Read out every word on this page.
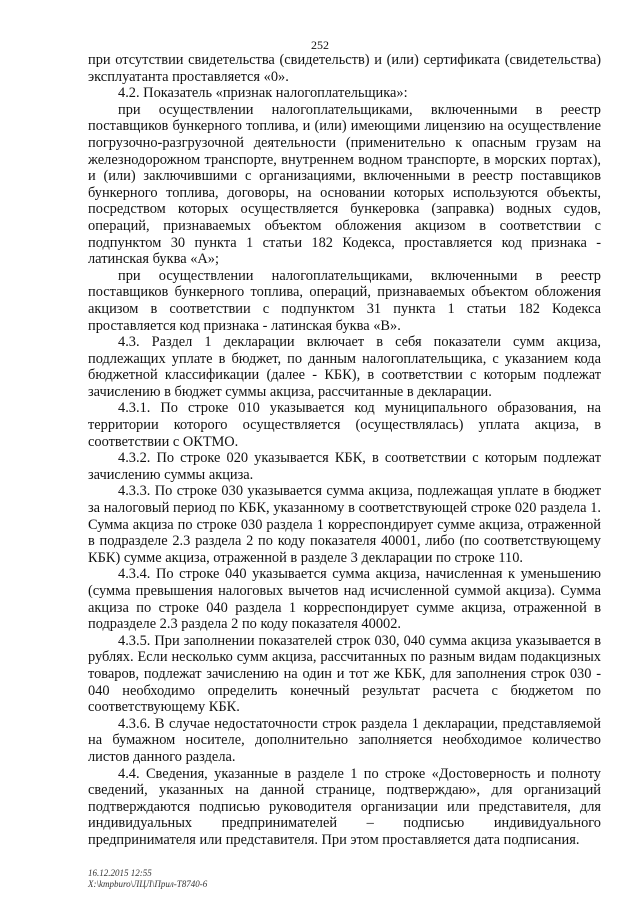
252

при отсутствии свидетельства (свидетельств) и (или) сертификата (свидетельства) эксплуатанта проставляется «0».

4.2. Показатель «признак налогоплательщика»:

при осуществлении налогоплательщиками, включенными в реестр поставщиков бункерного топлива, и (или) имеющими лицензию на осуществление погрузочно-разгрузочной деятельности (применительно к опасным грузам на железнодорожном транспорте, внутреннем водном транспорте, в морских портах), и (или) заключившими с организациями, включенными в реестр поставщиков бункерного топлива, договоры, на основании которых используются объекты, посредством которых осуществляется бункеровка (заправка) водных судов, операций, признаваемых объектом обложения акцизом в соответствии с подпунктом 30 пункта 1 статьи 182 Кодекса, проставляется код признака - латинская буква «А»;

при осуществлении налогоплательщиками, включенными в реестр поставщиков бункерного топлива, операций, признаваемых объектом обложения акцизом в соответствии с подпунктом 31 пункта 1 статьи 182 Кодекса проставляется код признака - латинская буква «В».

4.3. Раздел 1 декларации включает в себя показатели сумм акциза, подлежащих уплате в бюджет, по данным налогоплательщика, с указанием кода бюджетной классификации (далее - КБК), в соответствии с которым подлежат зачислению в бюджет суммы акциза, рассчитанные в декларации.

4.3.1. По строке 010 указывается код муниципального образования, на территории которого осуществляется (осуществлялась) уплата акциза, в соответствии с ОКТМО.

4.3.2. По строке 020 указывается КБК, в соответствии с которым подлежат зачислению суммы акциза.

4.3.3. По строке 030 указывается сумма акциза, подлежащая уплате в бюджет за налоговый период по КБК, указанному в соответствующей строке 020 раздела 1. Сумма акциза по строке 030 раздела 1 корреспондирует сумме акциза, отраженной в подразделе 2.3 раздела 2 по коду показателя 40001, либо (по соответствующему КБК) сумме акциза, отраженной в разделе 3 декларации по строке 110.

4.3.4. По строке 040 указывается сумма акциза, начисленная к уменьшению (сумма превышения налоговых вычетов над исчисленной суммой акциза). Сумма акциза по строке 040 раздела 1 корреспондирует сумме акциза, отраженной в подразделе 2.3 раздела 2 по коду показателя 40002.

4.3.5. При заполнении показателей строк 030, 040 сумма акциза указывается в рублях. Если несколько сумм акциза, рассчитанных по разным видам подакцизных товаров, подлежат зачислению на один и тот же КБК, для заполнения строк 030 - 040 необходимо определить конечный результат расчета с бюджетом по соответствующему КБК.

4.3.6. В случае недостаточности строк раздела 1 декларации, представляемой на бумажном носителе, дополнительно заполняется необходимое количество листов данного раздела.

4.4. Сведения, указанные в разделе 1 по строке «Достоверность и полноту сведений, указанных на данной странице, подтверждаю», для организаций подтверждаются подписью руководителя организации или представителя, для индивидуальных предпринимателей – подписью индивидуального предпринимателя или представителя. При этом проставляется дата подписания.

16.12.2015 12:55
X:\kmpburo\ЛЦЛ\Прил-Т8740-6
